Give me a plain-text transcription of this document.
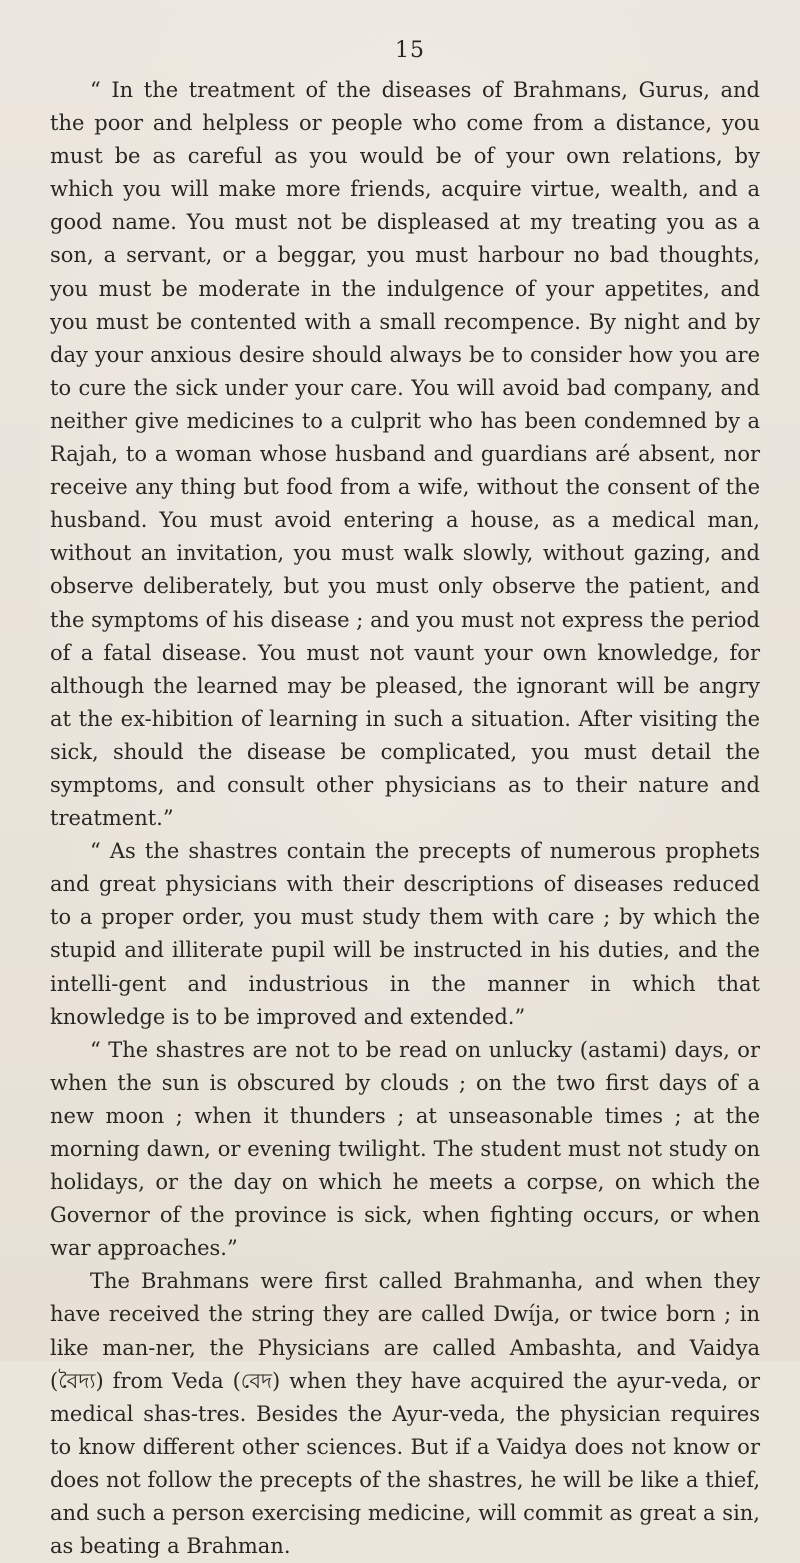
15

“ In the treatment of the diseases of Brahmans, Gurus, and the poor and helpless or people who come from a distance, you must be as careful as you would be of your own relations, by which you will make more friends, acquire virtue, wealth, and a good name. You must not be displeased at my treating you as a son, a servant, or a beggar, you must harbour no bad thoughts, you must be moderate in the indulgence of your appetites, and you must be contented with a small recompence. By night and by day your anxious desire should always be to consider how you are to cure the sick under your care. You will avoid bad company, and neither give medicines to a culprit who has been condemned by a Rajah, to a woman whose husband and guardians aré absent, nor receive any thing but food from a wife, without the consent of the husband. You must avoid entering a house, as a medical man, without an invitation, you must walk slowly, without gazing, and observe deliberately, but you must only observe the patient, and the symptoms of his disease ; and you must not express the period of a fatal disease. You must not vaunt your own knowledge, for although the learned may be pleased, the ignorant will be angry at the ex-hibition of learning in such a situation. After visiting the sick, should the disease be complicated, you must detail the symptoms, and consult other physicians as to their nature and treatment.”

“ As the shastres contain the precepts of numerous prophets and great physicians with their descriptions of diseases reduced to a proper order, you must study them with care ; by which the stupid and illiterate pupil will be instructed in his duties, and the intelli-gent and industrious in the manner in which that knowledge is to be improved and extended.”

“ The shastres are not to be read on unlucky (astami) days, or when the sun is obscured by clouds ; on the two first days of a new moon ; when it thunders ; at unseasonable times ; at the morning dawn, or evening twilight. The student must not study on holidays, or the day on which he meets a corpse, on which the Governor of the province is sick, when fighting occurs, or when war approaches.”

The Brahmans were first called Brahmanha, and when they have received the string they are called Dwíja, or twice born ; in like man-ner, the Physicians are called Ambashta, and Vaidya (বৈদ্য) from Veda (বেদ) when they have acquired the ayur-veda, or medical shas-tres. Besides the Ayur-veda, the physician requires to know different other sciences. But if a Vaidya does not know or does not follow the precepts of the shastres, he will be like a thief, and such a person exercising medicine, will commit as great a sin, as beating a Brahman.
